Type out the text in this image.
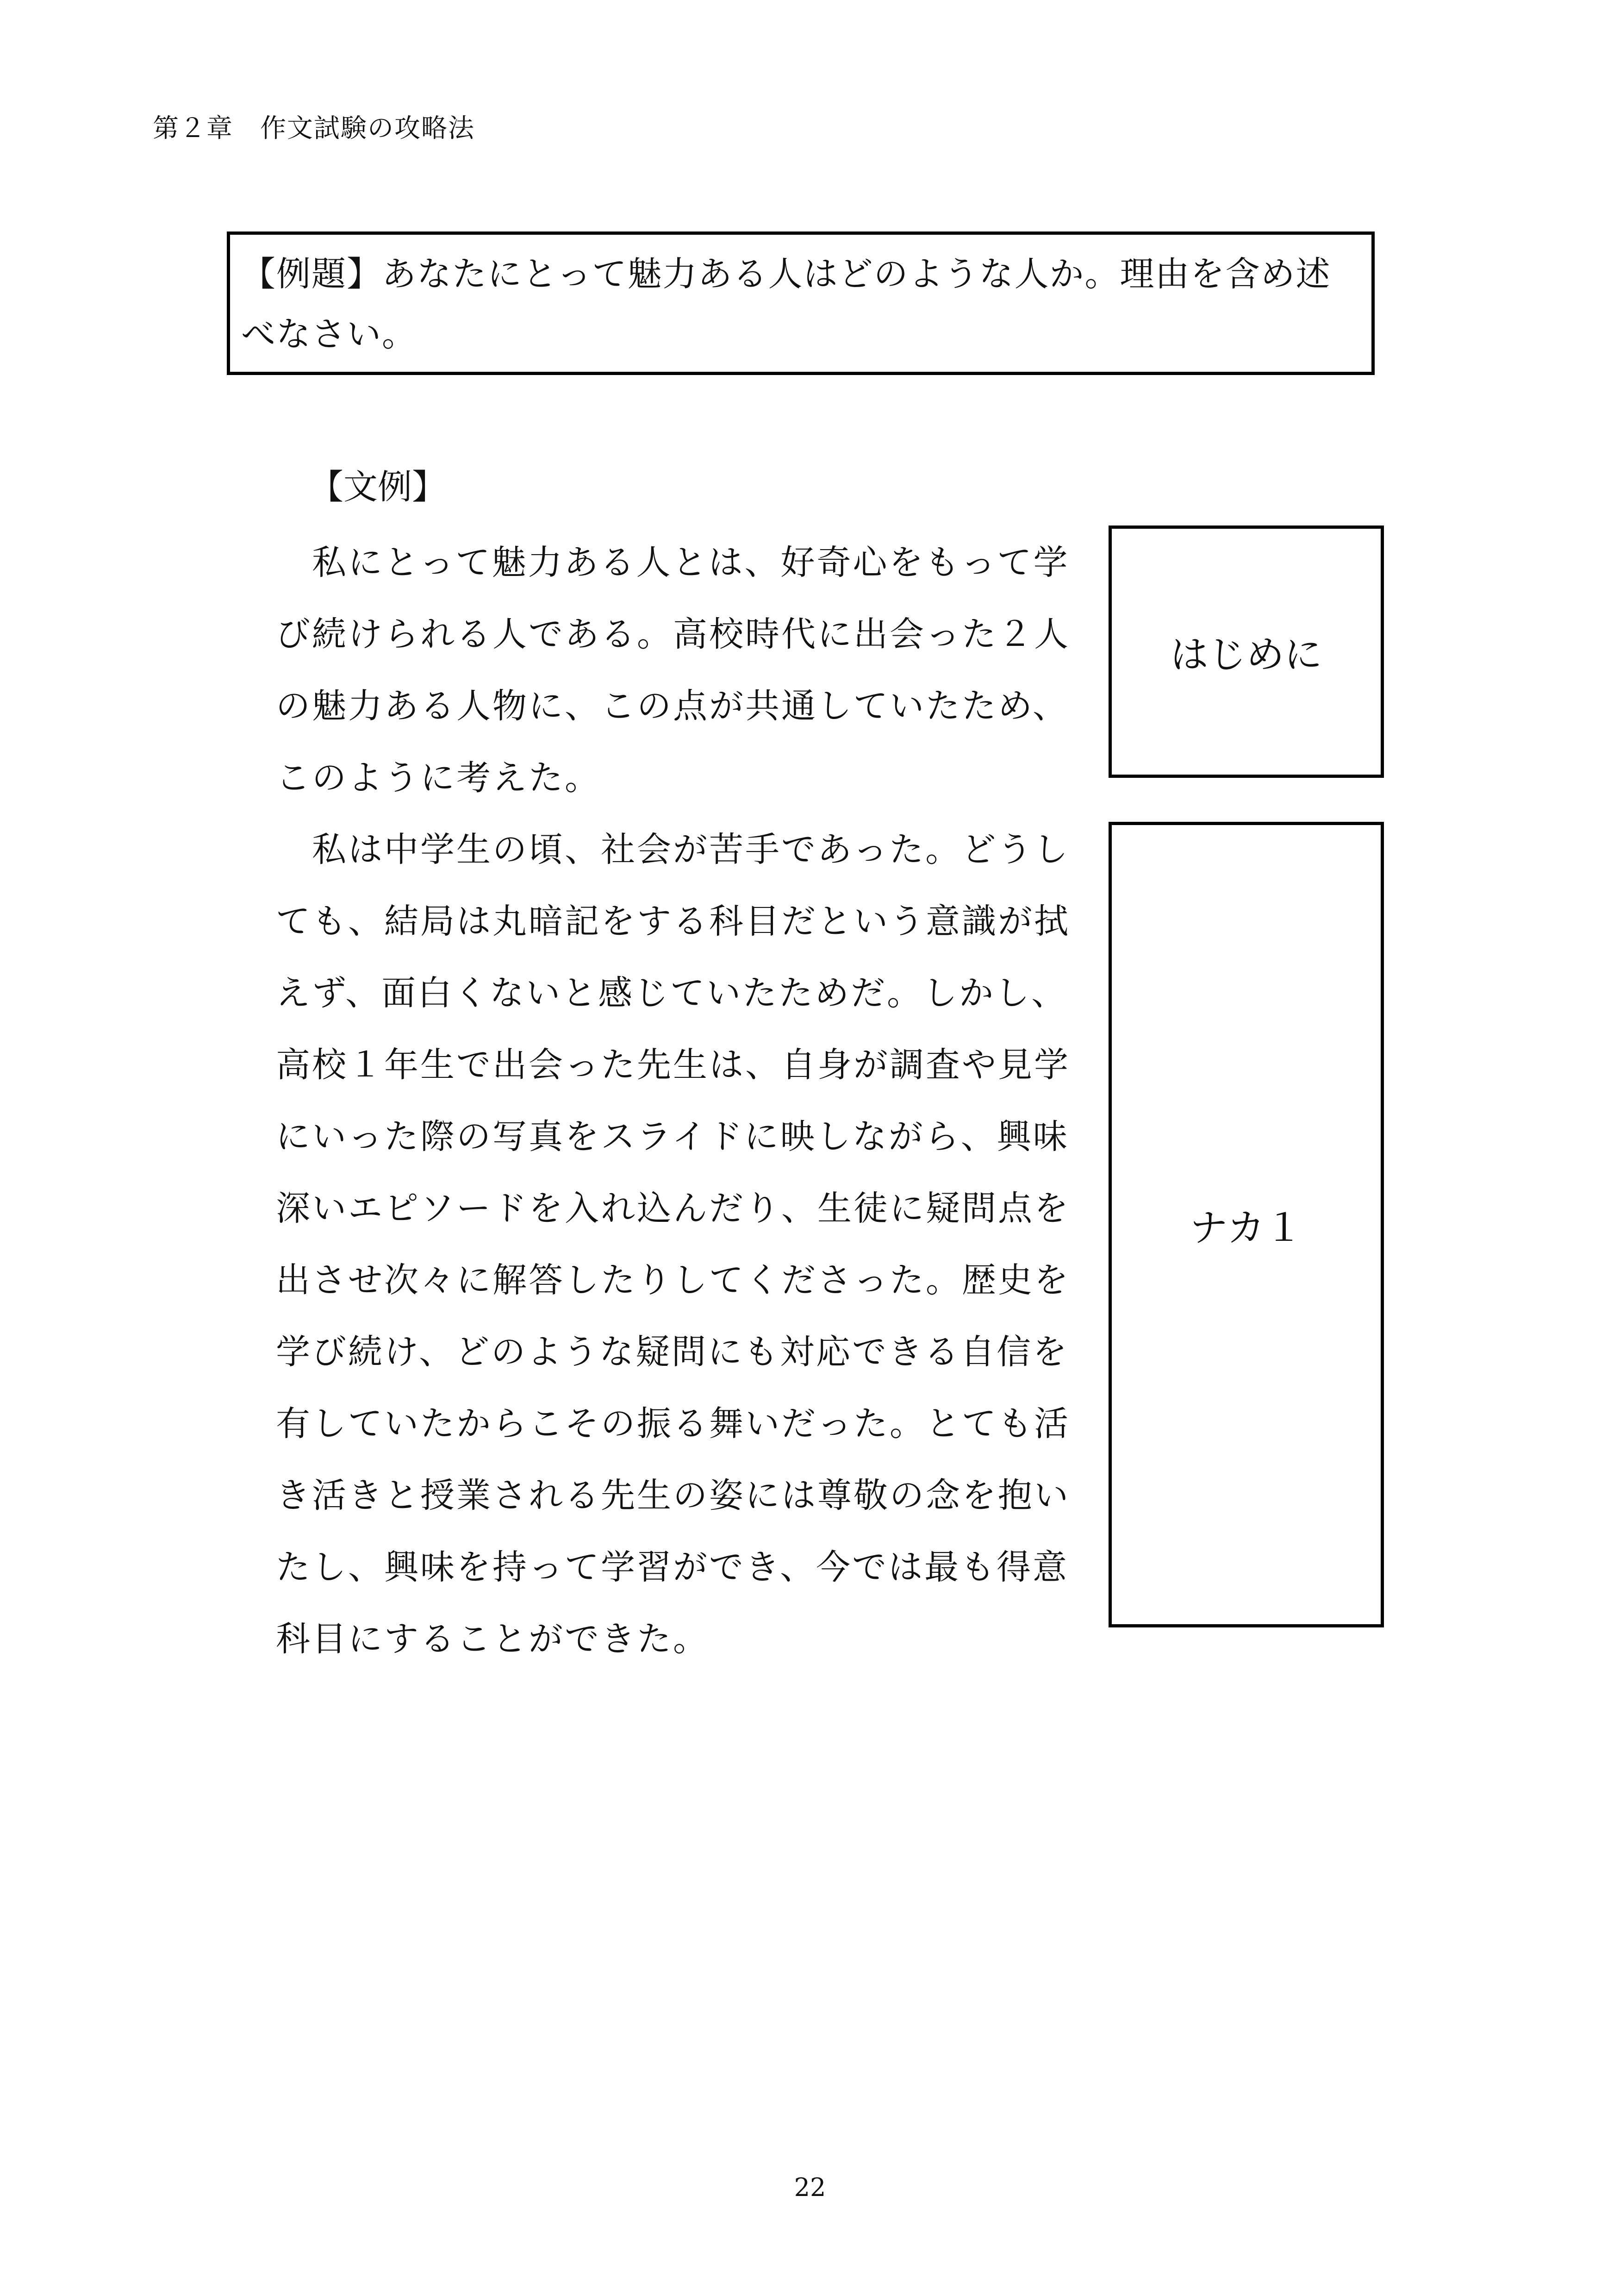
第２章　作文試験の攻略法
【例題】あなたにとって魅力ある人はどのような人か。理由を含め述べなさい。
【文例】
　私にとって魅力ある人とは、好奇心をもって学
び続けられる人である。高校時代に出会った２人
の魅力ある人物に、この点が共通していたため、
このように考えた。
　私は中学生の頃、社会が苦手であった。どうし
ても、結局は丸暗記をする科目だという意識が拭
えず、面白くないと感じていたためだ。しかし、
高校１年生で出会った先生は、自身が調査や見学
にいった際の写真をスライドに映しながら、興味
深いエピソードを入れ込んだり、生徒に疑問点を
出させ次々に解答したりしてくださった。歴史を
学び続け、どのような疑問にも対応できる自信を
有していたからこその振る舞いだった。とても活
き活きと授業される先生の姿には尊敬の念を抱い
たし、興味を持って学習ができ、今では最も得意
科目にすることができた。
はじめに
ナカ１
22
